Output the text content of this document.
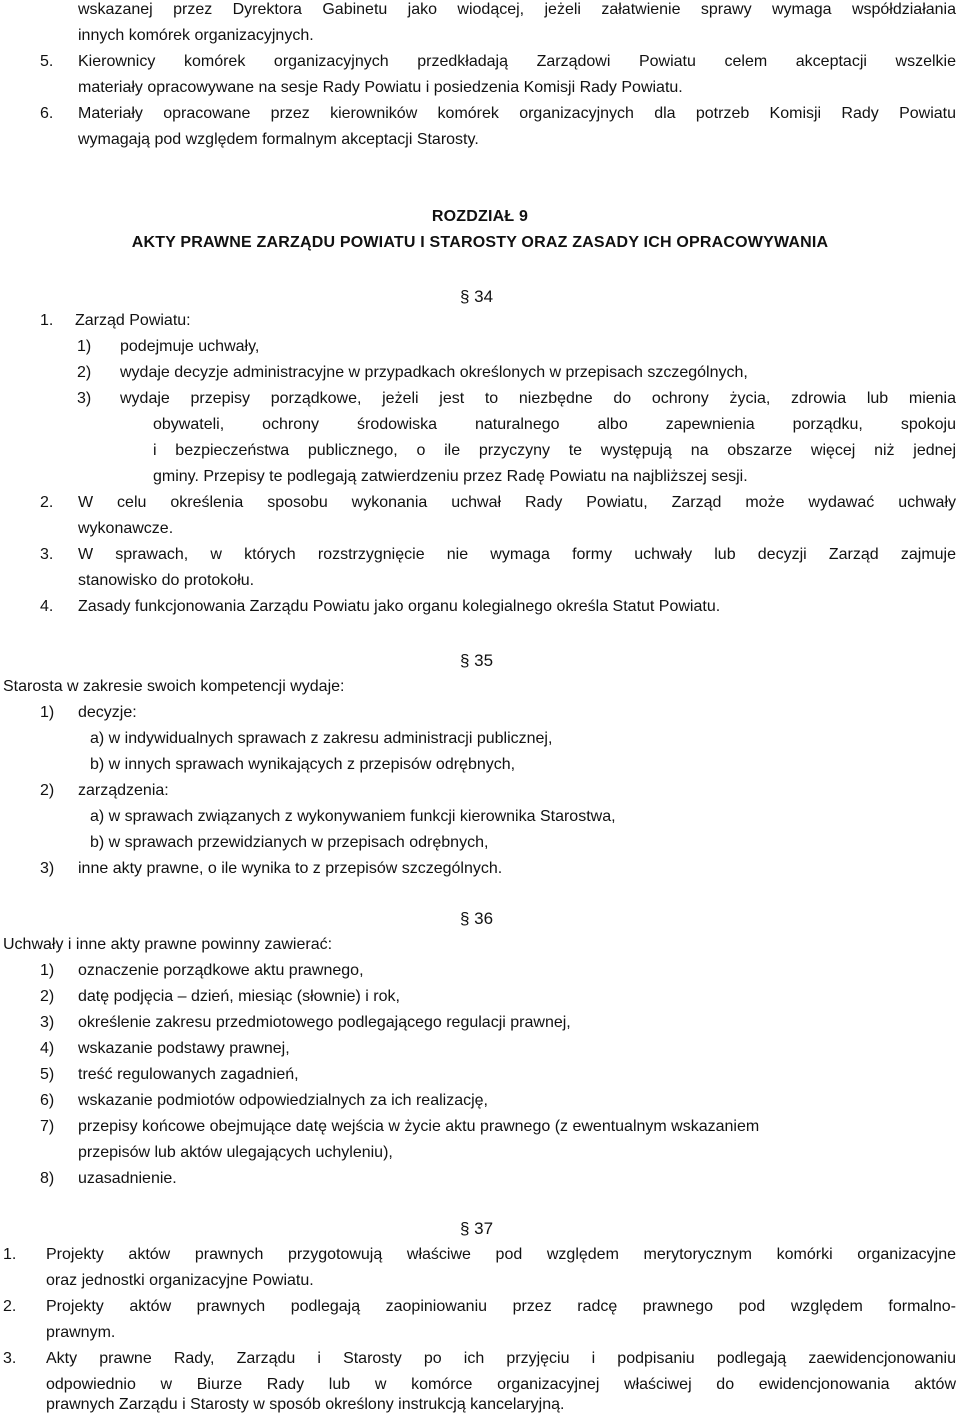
wskazanej przez Dyrektora Gabinetu jako wiodącej, jeżeli załatwienie sprawy wymaga współdziałania
innych komórek organizacyjnych.
5. Kierownicy komórek organizacyjnych przedkładają Zarządowi Powiatu celem akceptacji wszelkie
materiały opracowywane na sesje Rady Powiatu i posiedzenia Komisji Rady Powiatu.
6. Materiały opracowane przez kierowników komórek organizacyjnych dla potrzeb Komisji Rady Powiatu
wymagają pod względem formalnym akceptacji Starosty.
ROZDZIAŁ 9
AKTY PRAWNE ZARZĄDU POWIATU I STAROSTY ORAZ ZASADY ICH OPRACOWYWANIA
§ 34
1. Zarząd Powiatu:
1) podejmuje uchwały,
2) wydaje decyzje administracyjne w przypadkach określonych w przepisach szczególnych,
3) wydaje przepisy porządkowe, jeżeli jest to niezbędne do ochrony życia, zdrowia lub mienia
obywateli, ochrony środowiska naturalnego albo zapewnienia porządku, spokoju
i bezpieczeństwa publicznego, o ile przyczyny te występują na obszarze więcej niż jednej
gminy. Przepisy te podlegają zatwierdzeniu przez Radę Powiatu na najbliższej sesji.
2. W celu określenia sposobu wykonania uchwał Rady Powiatu, Zarząd może wydawać uchwały
wykonawcze.
3. W sprawach, w których rozstrzygnięcie nie wymaga formy uchwały lub decyzji Zarząd zajmuje
stanowisko do protokołu.
4. Zasady funkcjonowania Zarządu Powiatu jako organu kolegialnego określa Statut Powiatu.
§ 35
Starosta w zakresie swoich kompetencji wydaje:
1) decyzje:
a) w indywidualnych sprawach z zakresu administracji publicznej,
b) w innych sprawach wynikających z przepisów odrębnych,
2) zarządzenia:
a) w sprawach związanych z wykonywaniem funkcji kierownika Starostwa,
b) w sprawach przewidzianych w przepisach odrębnych,
3) inne akty prawne, o ile wynika to z przepisów szczególnych.
§ 36
Uchwały i inne akty prawne powinny zawierać:
1) oznaczenie porządkowe aktu prawnego,
2) datę podjęcia – dzień, miesiąc (słownie) i rok,
3) określenie zakresu przedmiotowego podlegającego regulacji prawnej,
4) wskazanie podstawy prawnej,
5) treść regulowanych zagadnień,
6) wskazanie podmiotów odpowiedzialnych za ich realizację,
7) przepisy końcowe obejmujące datę wejścia w życie aktu prawnego (z ewentualnym wskazaniem
przepisów lub aktów ulegających uchyleniu),
8) uzasadnienie.
§ 37
1. Projekty aktów prawnych przygotowują właściwe pod względem merytorycznym komórki organizacyjne
oraz jednostki organizacyjne Powiatu.
2. Projekty aktów prawnych podlegają zaopiniowaniu przez radcę prawnego pod względem formalno-
prawnym.
3. Akty prawne Rady, Zarządu i Starosty po ich przyjęciu i podpisaniu podlegają zaewidencjonowaniu
odpowiednio w Biurze Rady lub w komórce organizacyjnej właściwej do ewidencjonowania aktów
prawnych Zarządu i Starosty w sposób określony instrukcją kancelaryjną.
